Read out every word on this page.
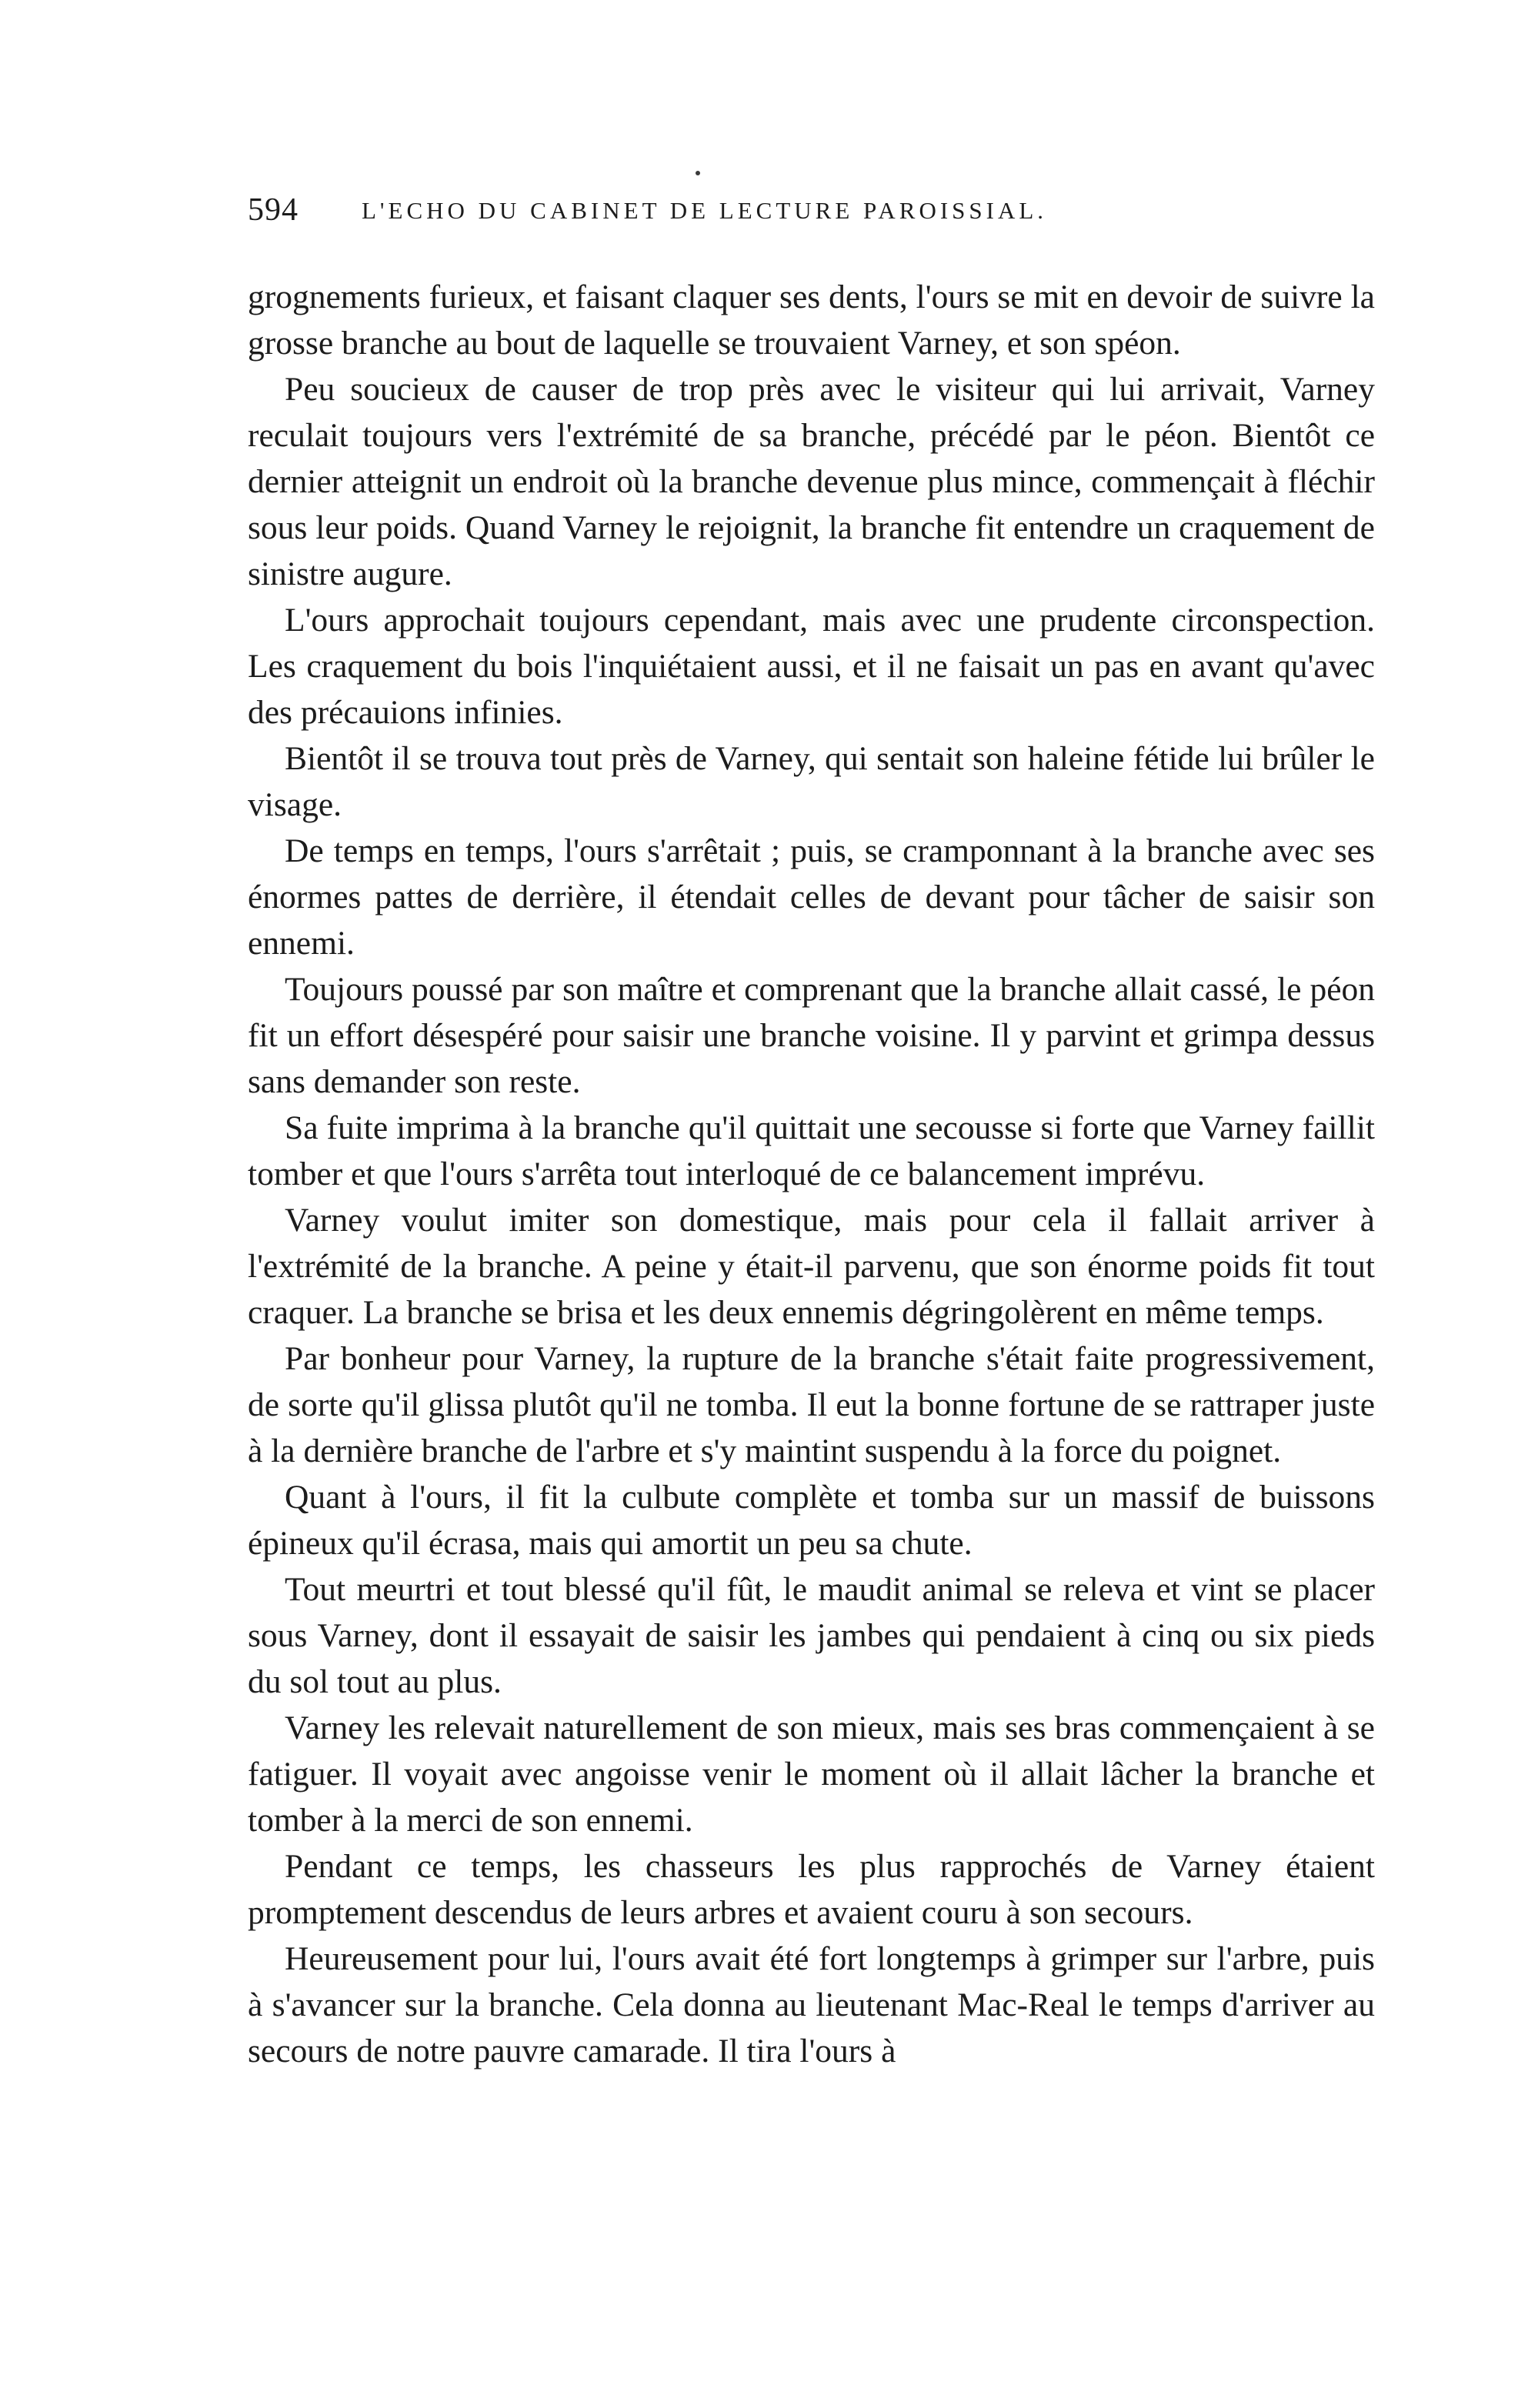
594	L'ECHO DU CABINET DE LECTURE PAROISSIAL.

grognements furieux, et faisant claquer ses dents, l'ours se mit en devoir de suivre la grosse branche au bout de laquelle se trouvaient Varney, et son spéon.

Peu soucieux de causer de trop près avec le visiteur qui lui arrivait, Varney reculait toujours vers l'extrémité de sa branche, précédé par le péon. Bientôt ce dernier atteignit un endroit où la branche devenue plus mince, commençait à fléchir sous leur poids. Quand Varney le rejoignit, la branche fit entendre un craquement de sinistre augure.

L'ours approchait toujours cependant, mais avec une prudente circonspection. Les craquement du bois l'inquiétaient aussi, et il ne faisait un pas en avant qu'avec des précauions infinies.

Bientôt il se trouva tout près de Varney, qui sentait son haleine fétide lui brûler le visage.

De temps en temps, l'ours s'arrêtait ; puis, se cramponnant à la branche avec ses énormes pattes de derrière, il étendait celles de devant pour tâcher de saisir son ennemi.

Toujours poussé par son maître et comprenant que la branche allait cassé, le péon fit un effort désespéré pour saisir une branche voisine. Il y parvint et grimpa dessus sans demander son reste.

Sa fuite imprima à la branche qu'il quittait une secousse si forte que Varney faillit tomber et que l'ours s'arrêta tout interloqué de ce balancement imprévu.

Varney voulut imiter son domestique, mais pour cela il fallait arriver à l'extrémité de la branche. A peine y était-il parvenu, que son énorme poids fit tout craquer. La branche se brisa et les deux ennemis dégringolèrent en même temps.

Par bonheur pour Varney, la rupture de la branche s'était faite progressivement, de sorte qu'il glissa plutôt qu'il ne tomba. Il eut la bonne fortune de se rattraper juste à la dernière branche de l'arbre et s'y maintint suspendu à la force du poignet.

Quant à l'ours, il fit la culbute complète et tomba sur un massif de buissons épineux qu'il écrasa, mais qui amortit un peu sa chute.

Tout meurtri et tout blessé qu'il fût, le maudit animal se releva et vint se placer sous Varney, dont il essayait de saisir les jambes qui pendaient à cinq ou six pieds du sol tout au plus.

Varney les relevait naturellement de son mieux, mais ses bras commençaient à se fatiguer. Il voyait avec angoisse venir le moment où il allait lâcher la branche et tomber à la merci de son ennemi.

Pendant ce temps, les chasseurs les plus rapprochés de Varney étaient promptement descendus de leurs arbres et avaient couru à son secours.

Heureusement pour lui, l'ours avait été fort longtemps à grimper sur l'arbre, puis à s'avancer sur la branche. Cela donna au lieutenant Mac-Real le temps d'arriver au secours de notre pauvre camarade. Il tira l'ours à
